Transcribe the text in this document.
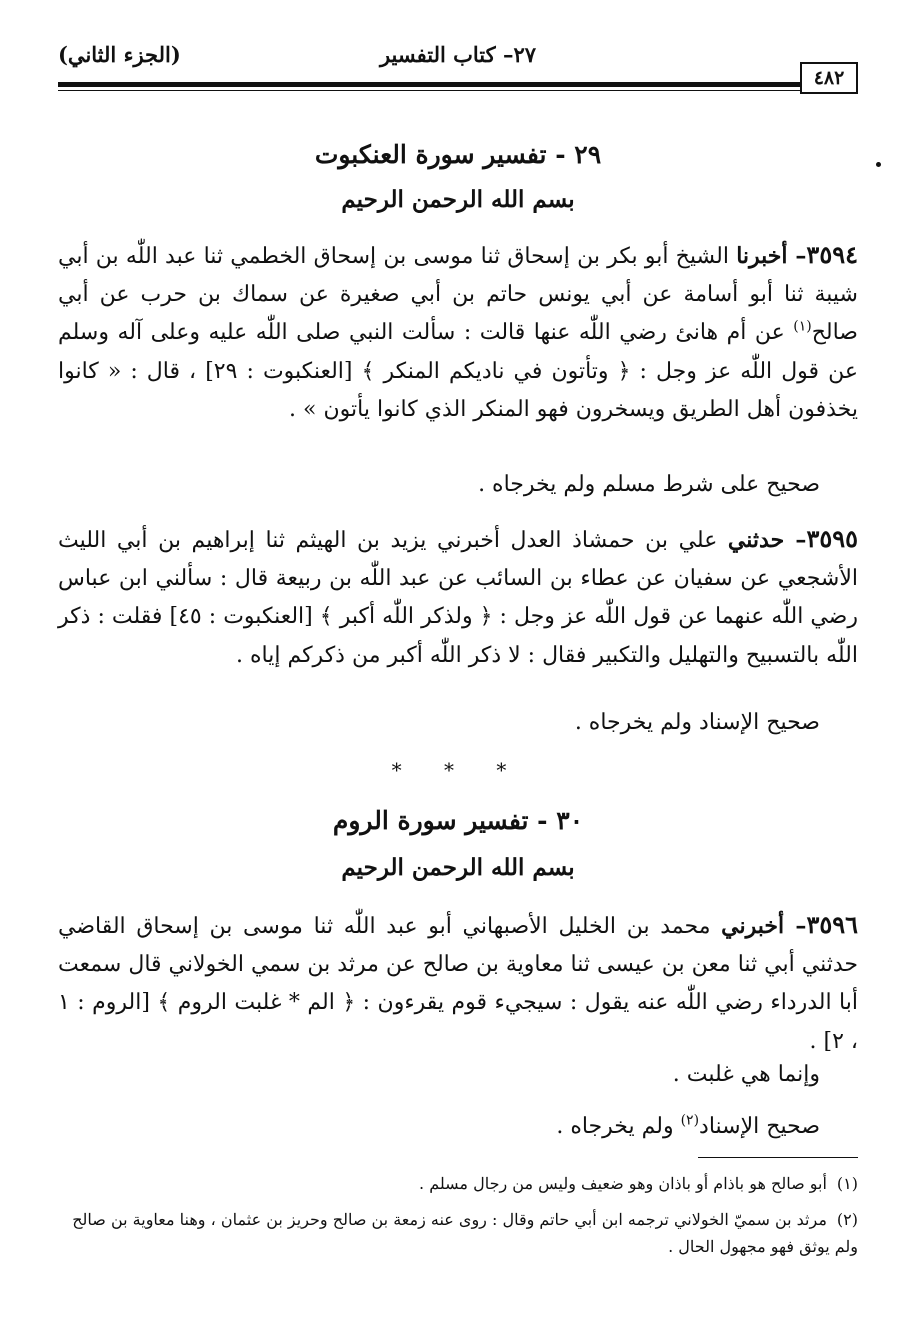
(الجزء الثاني)	٢٧– كتاب التفسير
٤٨٢
٢٩ - تفسير سورة العنكبوت
بسم الله الرحمن الرحيم
٣٥٩٤– أخبرنا الشيخ أبو بكر بن إسحاق ثنا موسى بن إسحاق الخطمي ثنا عبد اللّٰه بن أبي شيبة ثنا أبو أسامة عن أبي يونس حاتم بن أبي صغيرة عن سماك بن حرب عن أبي صالح$^{(١)}$ عن أم هانئ رضي اللّٰه عنها قالت : سألت النبي صلى اللّٰه عليه وعلى آله وسلم عن قول اللّٰه عز وجل : ﴿ وتأتون في ناديكم المنكر ﴾ [العنكبوت : ٢٩] ، قال : « كانوا يخذفون أهل الطريق ويسخرون فهو المنكر الذي كانوا يأتون » .
صحيح على شرط مسلم ولم يخرجاه .
٣٥٩٥– حدثني علي بن حمشاذ العدل أخبرني يزيد بن الهيثم ثنا إبراهيم بن أبي الليث الأشجعي عن سفيان عن عطاء بن السائب عن عبد اللّٰه بن ربيعة قال : سألني ابن عباس رضي اللّٰه عنهما عن قول اللّٰه عز وجل : ﴿ ولذكر اللّٰه أكبر ﴾ [العنكبوت : ٤٥] فقلت : ذكر اللّٰه بالتسبيح والتهليل والتكبير فقال : لا ذكر اللّٰه أكبر من ذكركم إياه .
صحيح الإسناد ولم يخرجاه .
* * *
٣٠ - تفسير سورة الروم
بسم الله الرحمن الرحيم
٣٥٩٦– أخبرني محمد بن الخليل الأصبهاني أبو عبد اللّٰه ثنا موسى بن إسحاق القاضي حدثني أبي ثنا معن بن عيسى ثنا معاوية بن صالح عن مرثد بن سمي الخولاني قال سمعت أبا الدرداء رضي اللّٰه عنه يقول : سيجيء قوم يقرءون : ﴿ الم * غلبت الروم ﴾ [الروم : ١ ، ٢] .
وإنما هي غلبت .
صحيح الإسناد$^{(٢)}$ ولم يخرجاه .
(١)أبو صالح هو باذام أو باذان وهو ضعيف وليس من رجال مسلم .
(٢)مرثد بن سميّ الخولاني ترجمه ابن أبي حاتم وقال : روى عنه زمعة بن صالح وحريز بن عثمان ، وهنا معاوية بن صالح ولم يوثق فهو مجهول الحال .
